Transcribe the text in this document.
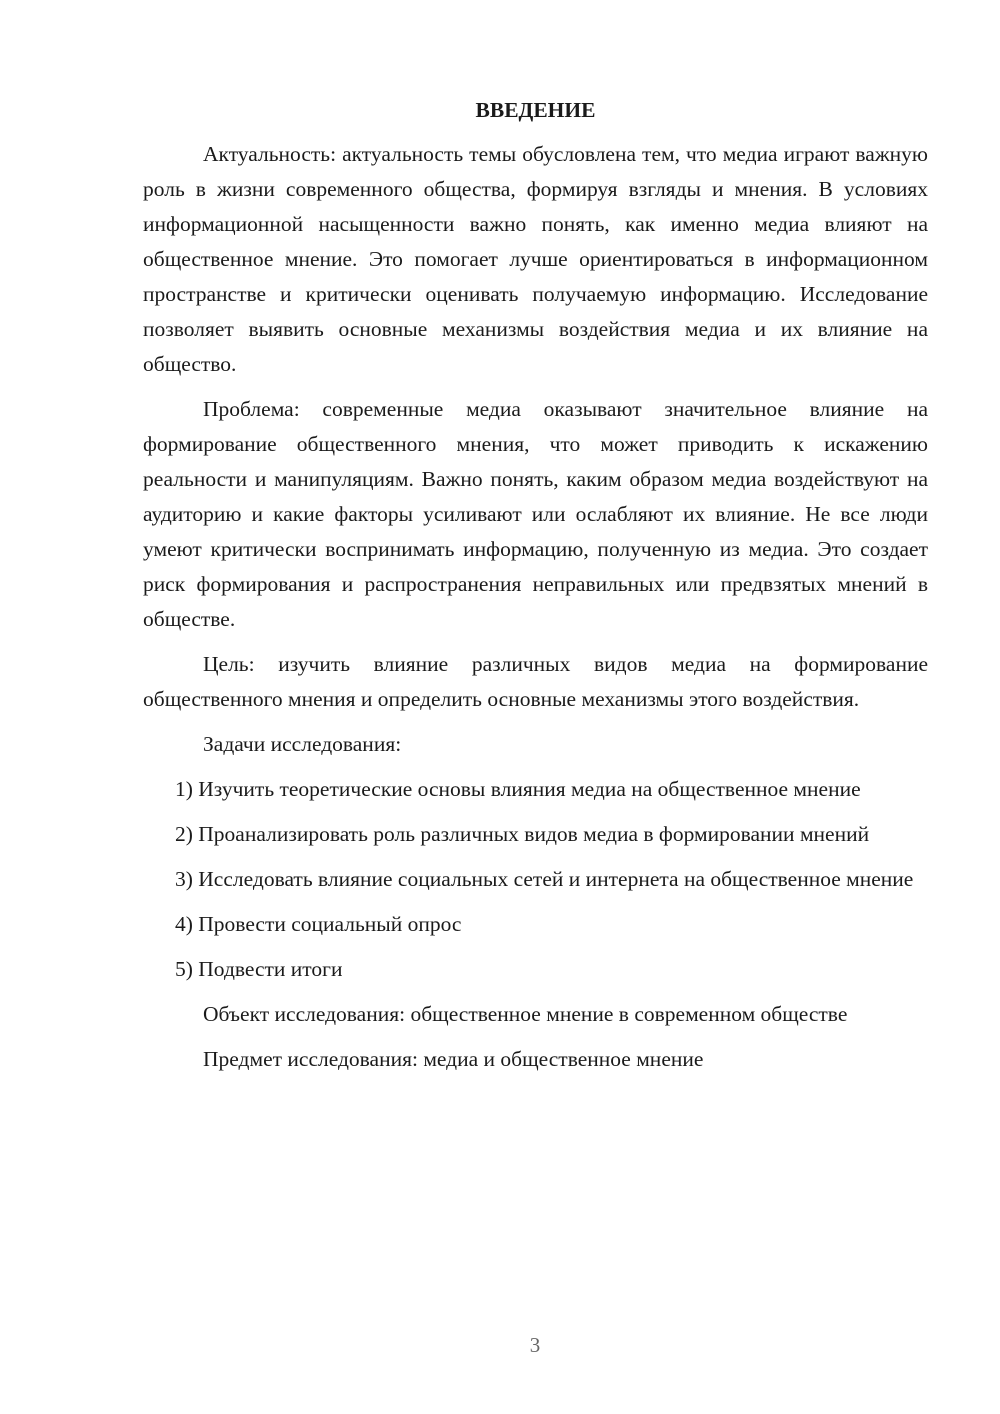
ВВЕДЕНИЕ

Актуальность: актуальность темы обусловлена тем, что медиа играют важную роль в жизни современного общества, формируя взгляды и мнения. В условиях информационной насыщенности важно понять, как именно медиа влияют на общественное мнение. Это помогает лучше ориентироваться в информационном пространстве и критически оценивать получаемую информацию. Исследование позволяет выявить основные механизмы воздействия медиа и их влияние на общество.

Проблема: современные медиа оказывают значительное влияние на формирование общественного мнения, что может приводить к искажению реальности и манипуляциям. Важно понять, каким образом медиа воздействуют на аудиторию и какие факторы усиливают или ослабляют их влияние. Не все люди умеют критически воспринимать информацию, полученную из медиа. Это создает риск формирования и распространения неправильных или предвзятых мнений в обществе.

Цель: изучить влияние различных видов медиа на формирование общественного мнения и определить основные механизмы этого воздействия.

Задачи исследования:

1) Изучить теоретические основы влияния медиа на общественное мнение

2) Проанализировать роль различных видов медиа в формировании мнений

3) Исследовать влияние социальных сетей и интернета на общественное мнение

4) Провести социальный опрос

5) Подвести итоги

Объект исследования: общественное мнение в современном обществе

Предмет исследования: медиа и общественное мнение

3
